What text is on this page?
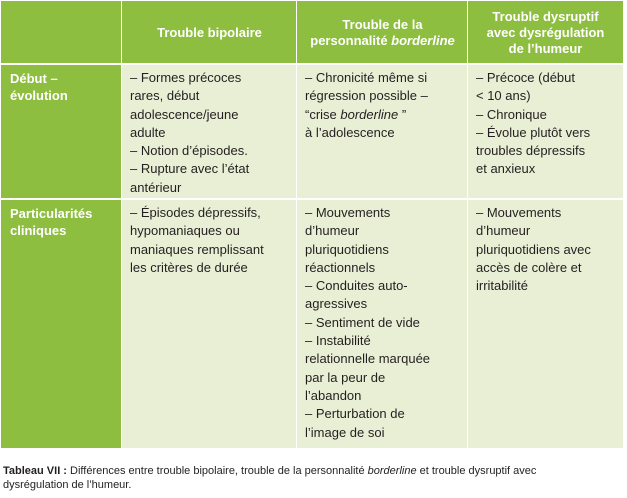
Trouble bipolaire
Trouble de la
personnalité borderline
Trouble dysruptif
avec dysrégulation
de l’humeur
Début –
évolution
– Formes précoces
rares, début
adolescence/jeune
adulte
– Notion d’épisodes.
– Rupture avec l’état
antérieur
– Chronicité même si
régression possible –
“crise borderline ”
à l’adolescence
– Précoce (début
< 10 ans)
– Chronique
– Évolue plutôt vers
troubles dépressifs
et anxieux
Particularités
cliniques
– Épisodes dépressifs,
hypomaniaques ou
maniaques remplissant
les critères de durée
– Mouvements
d’humeur
pluriquotidiens
réactionnels
– Conduites auto-
agressives
– Sentiment de vide
– Instabilité
relationnelle marquée
par la peur de
l’abandon
– Perturbation de
l’image de soi
– Mouvements
d’humeur
pluriquotidiens avec
accès de colère et
irritabilité
Tableau VII : Différences entre trouble bipolaire, trouble de la personnalité borderline et trouble dysruptif avec
dysrégulation de l’humeur.
